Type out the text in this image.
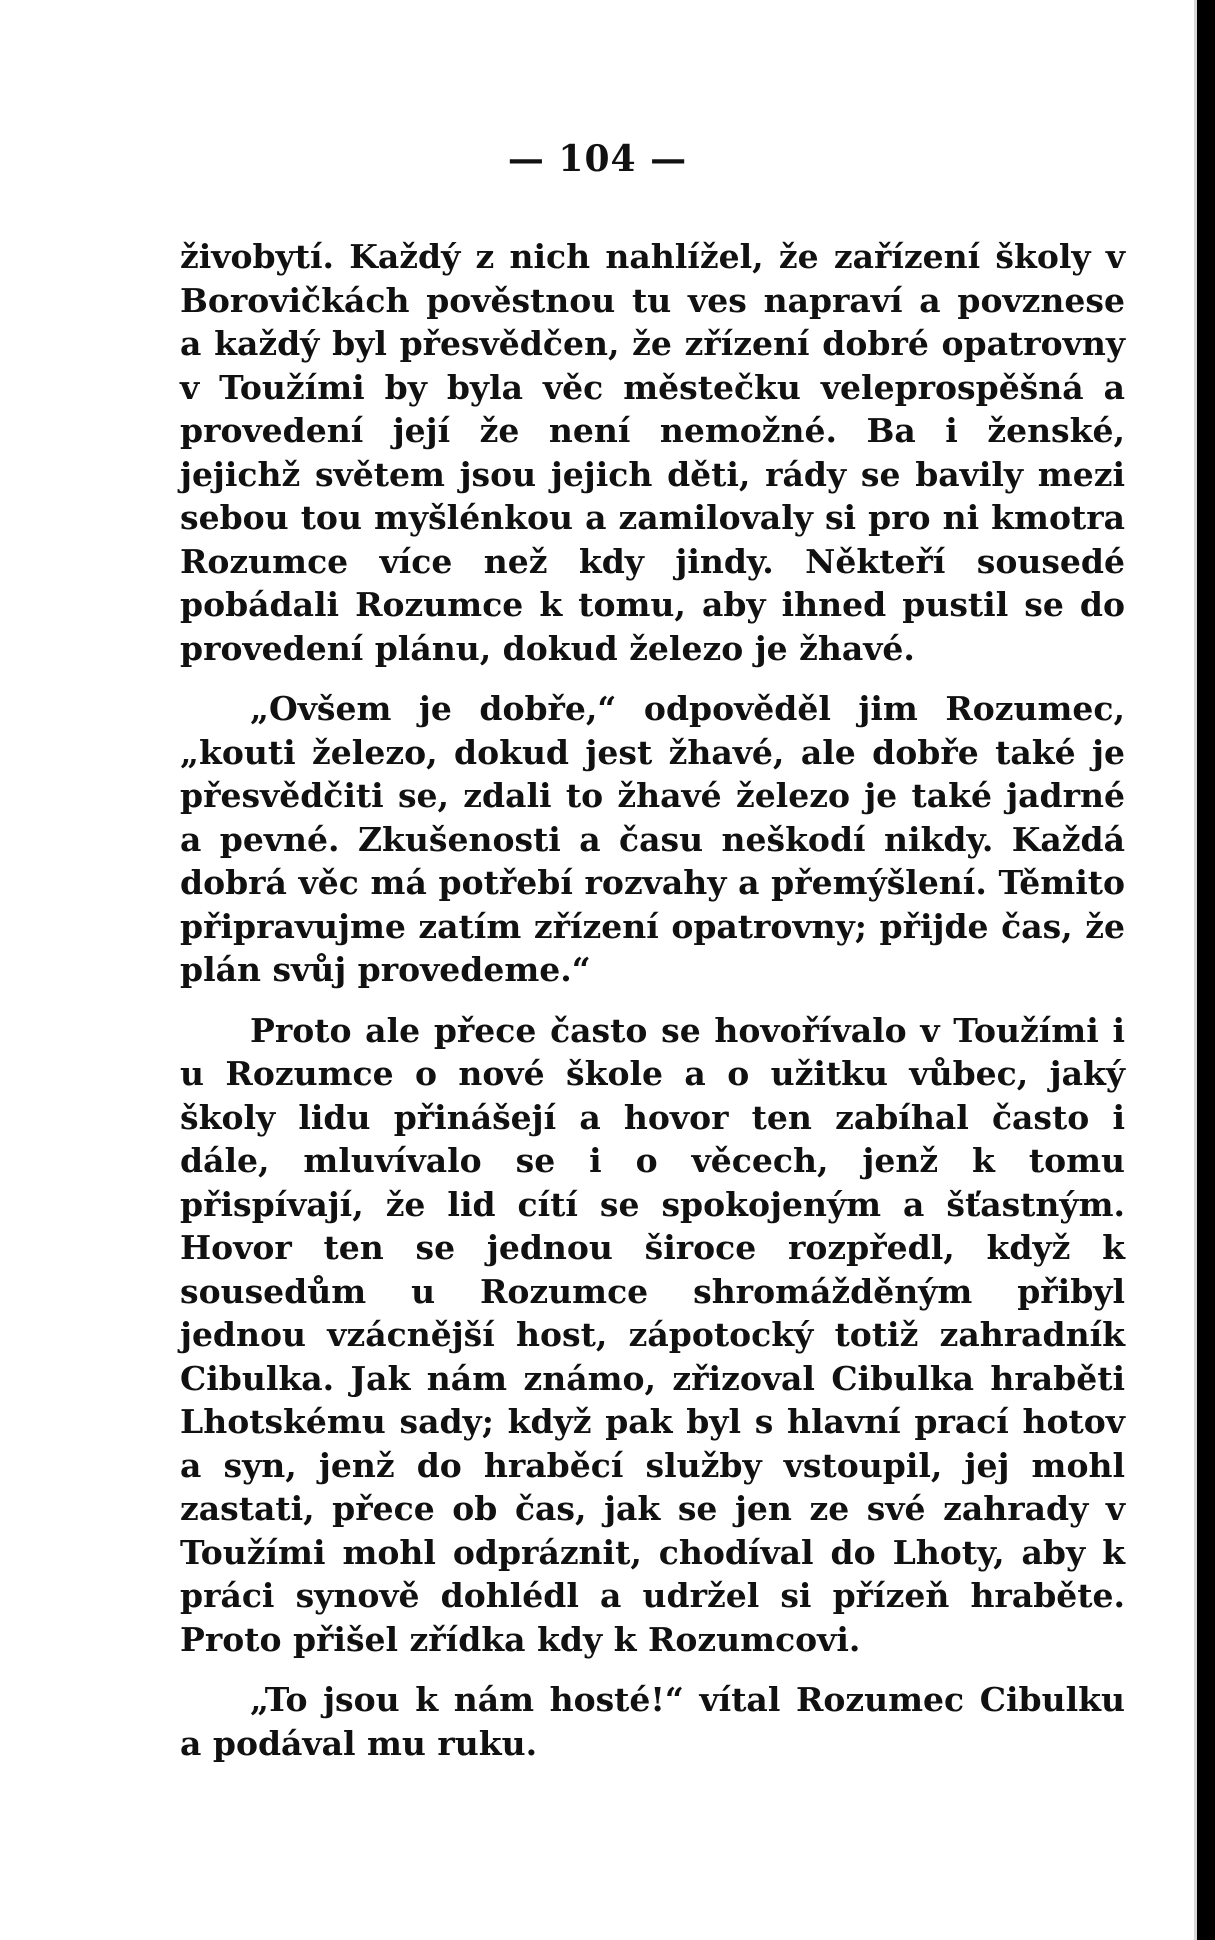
— 104 —

živobytí. Každý z nich nahlížel, že zařízení školy v Borovičkách pověstnou tu ves napraví a povznese a každý byl přesvědčen, že zřízení dobré opatrovny v Toužími by byla věc městečku veleprospěšná a provedení její že není nemožné. Ba i ženské, jejichž světem jsou jejich děti, rády se bavily mezi sebou tou myšlénkou a zamilovaly si pro ni kmotra Rozumce více než kdy jindy. Někteří sousedé pobádali Rozumce k tomu, aby ihned pustil se do provedení plánu, dokud železo je žhavé.

„Ovšem je dobře,“ odpověděl jim Rozumec, „kouti železo, dokud jest žhavé, ale dobře také je přesvědčiti se, zdali to žhavé železo je také jadrné a pevné. Zkušenosti a času neškodí nikdy. Každá dobrá věc má potřebí rozvahy a přemýšlení. Těmito připravujme zatím zřízení opatrovny; přijde čas, že plán svůj provedeme.“

Proto ale přece často se hovořívalo v Toužími i u Rozumce o nové škole a o užitku vůbec, jaký školy lidu přinášejí a hovor ten zabíhal často i dále, mluvívalo se i o věcech, jenž k tomu přispívají, že lid cítí se spokojeným a šťastným. Hovor ten se jednou široce rozpředl, když k sousedům u Rozumce shromážděným přibyl jednou vzácnější host, zápotocký totiž zahradník Cibulka. Jak nám známo, zřizoval Cibulka hraběti Lhotskému sady; když pak byl s hlavní prací hotov a syn, jenž do hraběcí služby vstoupil, jej mohl zastati, přece ob čas, jak se jen ze své zahrady v Toužími mohl odpráznit, chodíval do Lhoty, aby k práci synově dohlédl a udržel si přízeň hraběte. Proto přišel zřídka kdy k Rozumcovi.

„To jsou k nám hosté!“ vítal Rozumec Cibulku a podával mu ruku.
